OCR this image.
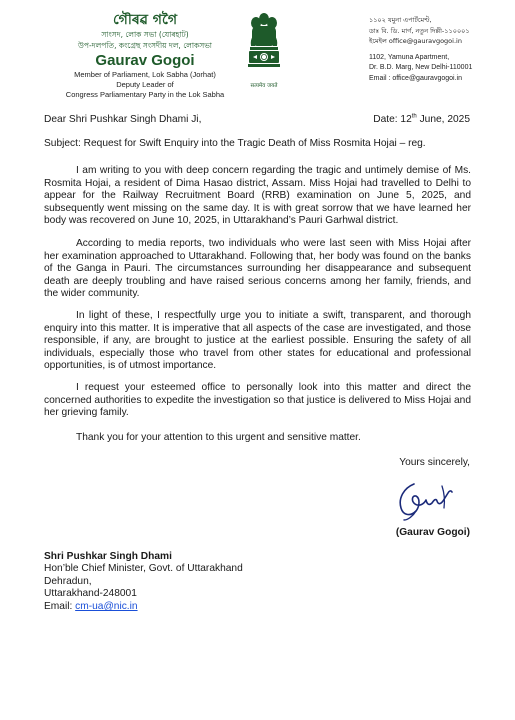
গৌৰৱ গগৈ
সাংসদ, লোক সভা (যোৰহাট)
উপ-দলপতি, কংগ্ৰেছ সংসদীয় দল, লোকসভা
Gaurav Gogoi
Member of Parliament, Lok Sabha (Jorhat)
Deputy Leader of
Congress Parliamentary Party in the Lok Sabha
सत्यमेव जयते
১১০২ যমুনা এপাৰ্টমেণ্ট,
ডাঃ বি. ডি. মাৰ্গ, নতুন দিল্লী-১১০০০১
ইমেইল office@gauravgogoi.in
1102, Yamuna Apartment,
Dr. B.D. Marg, New Delhi-110001
Email : office@gauravgogoi.in
Dear Shri Pushkar Singh Dhami Ji,	Date: 12th June, 2025
Subject: Request for Swift Enquiry into the Tragic Death of Miss Rosmita Hojai – reg.

I am writing to you with deep concern regarding the tragic and untimely demise of Ms. Rosmita Hojai, a resident of Dima Hasao district, Assam. Miss Hojai had travelled to Delhi to appear for the Railway Recruitment Board (RRB) examination on June 5, 2025, and subsequently went missing on the same day. It is with great sorrow that we have learned her body was recovered on June 10, 2025, in Uttarakhand’s Pauri Garhwal district.

According to media reports, two individuals who were last seen with Miss Hojai after her examination approached to Uttarakhand. Following that, her body was found on the banks of the Ganga in Pauri. The circumstances surrounding her disappearance and subsequent death are deeply troubling and have raised serious concerns among her family, friends, and the wider community.

In light of these, I respectfully urge you to initiate a swift, transparent, and thorough enquiry into this matter. It is imperative that all aspects of the case are investigated, and those responsible, if any, are brought to justice at the earliest possible. Ensuring the safety of all individuals, especially those who travel from other states for educational and professional opportunities, is of utmost importance.

I request your esteemed office to personally look into this matter and direct the concerned authorities to expedite the investigation so that justice is delivered to Miss Hojai and her grieving family.

Thank you for your attention to this urgent and sensitive matter.

Yours sincerely,
(Gaurav Gogoi)
Shri Pushkar Singh Dhami
Hon’ble Chief Minister, Govt. of Uttarakhand
Dehradun,
Uttarakhand-248001
Email: cm-ua@nic.in
